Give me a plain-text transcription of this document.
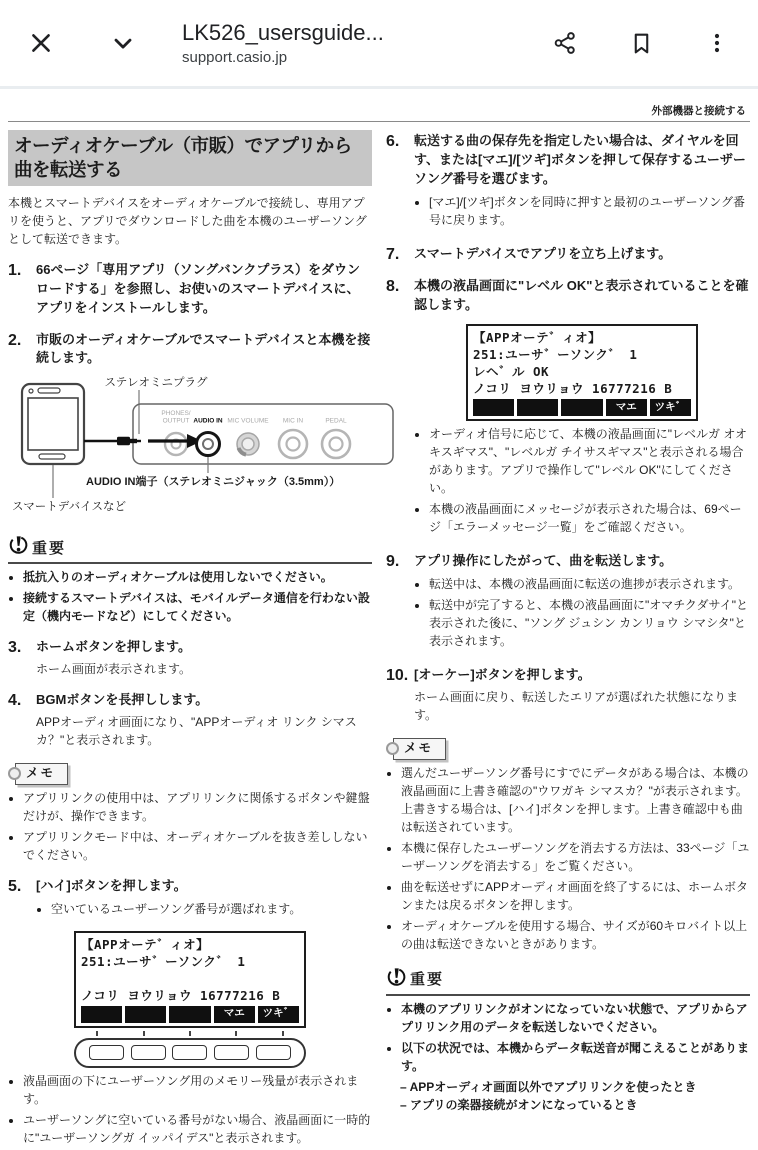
LK526_usersguide...
support.casio.jp
外部機器と接続する
オーディオケーブル（市販）でアプリから曲を転送する

本機とスマートデバイスをオーディオケーブルで接続し、専用アプリを使うと、アプリでダウンロードした曲を本機のユーザーソングとして転送できます。

1.	66ページ「専用アプリ（ソングバンクプラス）をダウンロードする」を参照し、お使いのスマートデバイスに、アプリをインストールします。
2.	市販のオーディオケーブルでスマートデバイスと本機を接続します。
ステレオミニプラグ
PHONES/
OUTPUT AUDIO IN MIC VOLUME MIC IN	PEDAL
AUDIO IN端子（ステレオミニジャック（3.5mm））
スマートデバイスなど
重要
• 抵抗入りのオーディオケーブルは使用しないでください。
• 接続するスマートデバイスは、モバイルデータ通信を行わない設定（機内モードなど）にしてください。
3.	ホームボタンを押します。
ホーム画面が表示されます。
4.	BGMボタンを長押しします。
APPオーディオ画面になり、"APPオーディオ リンク シマスカ？"と表示されます。
メモ
• アプリリンクの使用中は、アプリリンクに関係するボタンや鍵盤だけが、操作できます。
• アプリリンクモード中は、オーディオケーブルを抜き差ししないでください。
5.	[ハイ]ボタンを押します。
• 空いているユーザーソング番号が選ばれます。
【APPオーテ゛ィオ】
251:ユーサ゛ーソンク゛ 1
ノコリ ヨウリョウ 16777216 B
マエ	ツキ゛
• 液晶画面の下にユーザーソング用のメモリー残量が表示されます。
• ユーザーソングに空いている番号がない場合、液晶画面に一時的に"ユーザーソングガ イッパイデス"と表示されます。
6.	転送する曲の保存先を指定したい場合は、ダイヤルを回す、または[マエ]/[ツギ]ボタンを押して保存するユーザーソング番号を選びます。
• [マエ]/[ツギ]ボタンを同時に押すと最初のユーザーソング番号に戻ります。
7.	スマートデバイスでアプリを立ち上げます。
8.	本機の液晶画面に"レベル OK"と表示されていることを確認します。
【APPオーテ゛ィオ】
251:ユーサ゛ーソンク゛ 1
レヘ゛ル OK
ノコリ ヨウリョウ 16777216 B
マエ	ツキ゛
• オーディオ信号に応じて、本機の液晶画面に"レベルガ オオキスギマス"、"レベルガ チイサスギマス"と表示される場合があります。アプリで操作して"レベル OK"にしてください。
• 本機の液晶画面にメッセージが表示された場合は、69ページ「エラーメッセージ一覧」をご確認ください。
9.	アプリ操作にしたがって、曲を転送します。
• 転送中は、本機の液晶画面に転送の進捗が表示されます。
• 転送中が完了すると、本機の液晶画面に"オマチクダサイ"と表示された後に、"ソング ジュシン カンリョウ シマシタ"と表示されます。
10. [オーケー]ボタンを押します。
ホーム画面に戻り、転送したエリアが選ばれた状態になります。
メモ
• 選んだユーザーソング番号にすでにデータがある場合は、本機の液晶画面に上書き確認の"ウワガキ シマスカ？"が表示されます。上書きする場合は、[ハイ]ボタンを押します。上書き確認中も曲は転送されています。
• 本機に保存したユーザーソングを消去する方法は、33ページ「ユーザーソングを消去する」をご覧ください。
• 曲を転送せずにAPPオーディオ画面を終了するには、ホームボタンまたは戻るボタンを押します。
• オーディオケーブルを使用する場合、サイズが60キロバイト以上の曲は転送できないときがあります。
重要
• 本機のアプリリンクがオンになっていない状態で、アプリからアプリリンク用のデータを転送しないでください。
• 以下の状況では、本機からデータ転送音が聞こえることがあります。
– APPオーディオ画面以外でアプリリンクを使ったとき
– アプリの楽器接続がオンになっているとき
